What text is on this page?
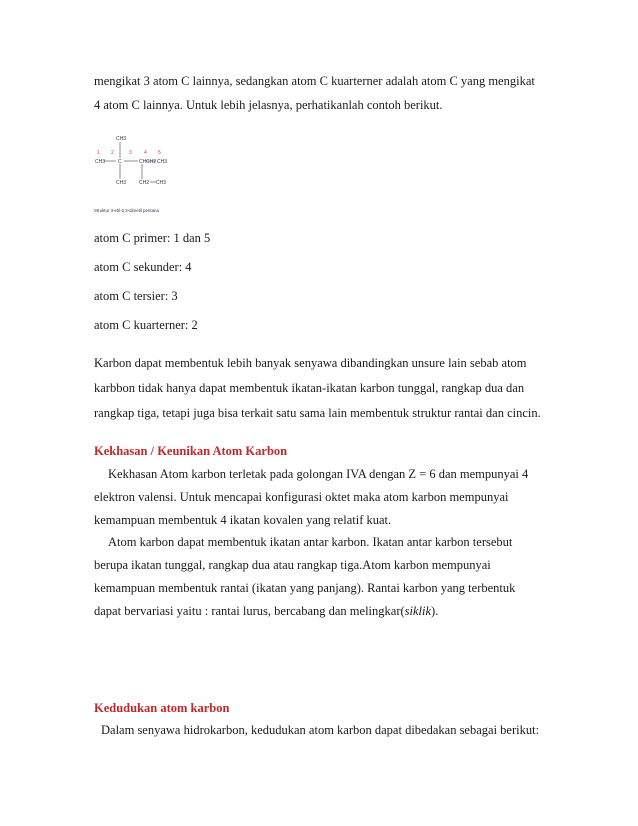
mengikat 3 atom C lainnya, sedangkan atom C kuarterner adalah atom C yang mengikat
4 atom C lainnya. Untuk lebih jelasnya, perhatikanlah contoh berikut.
CH3
CH3	C	CH CH2 CH3
CH3	CH2 CH3
1 2	3 4 5
Struktur 3-etil-2,2-dimetil pentana
atom C primer: 1 dan 5
atom C sekunder: 4
atom C tersier: 3
atom C kuarterner: 2
Karbon dapat membentuk lebih banyak senyawa dibandingkan unsure lain sebab atom
karbbon tidak hanya dapat membentuk ikatan-ikatan karbon tunggal, rangkap dua dan
rangkap tiga, tetapi juga bisa terkait satu sama lain membentuk struktur rantai dan cincin.
Kekhasan / Keunikan Atom Karbon
Kekhasan Atom karbon terletak pada golongan IVA dengan Z = 6 dan mempunyai 4
elektron valensi. Untuk mencapai konfigurasi oktet maka atom karbon mempunyai
kemampuan membentuk 4 ikatan kovalen yang relatif kuat.
Atom karbon dapat membentuk ikatan antar karbon. Ikatan antar karbon tersebut
berupa ikatan tunggal, rangkap dua atau rangkap tiga.Atom karbon mempunyai
kemampuan membentuk rantai (ikatan yang panjang). Rantai karbon yang terbentuk
dapat bervariasi yaitu : rantai lurus, bercabang dan melingkar(siklik).
Kedudukan atom karbon
Dalam senyawa hidrokarbon, kedudukan atom karbon dapat dibedakan sebagai berikut:
